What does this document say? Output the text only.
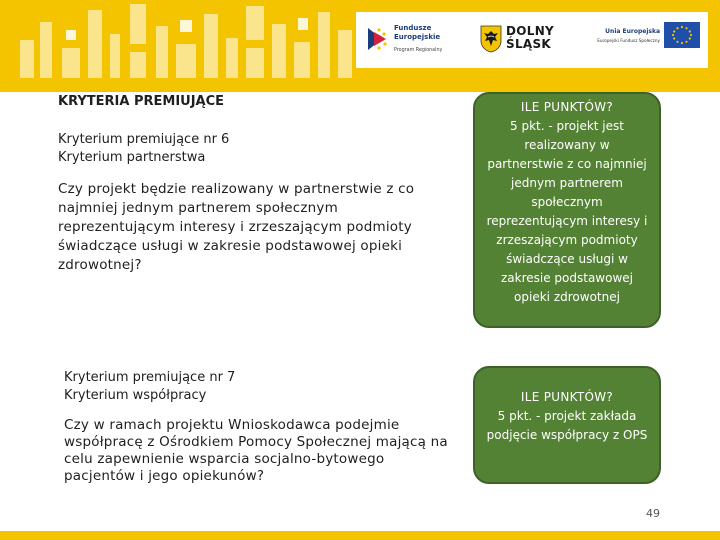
Fundusze
Europejskie
Program Regionalny
DOLNY
ŚLĄSK
Unia Europejska
Europejski Fundusz Społeczny
KRYTERIA PREMIUJĄCE
Kryterium premiujące nr 6
Kryterium partnerstwa
Czy projekt będzie realizowany w partnerstwie z co najmniej jednym partnerem społecznym reprezentującym interesy i zrzeszającym podmioty świadczące usługi w zakresie podstawowej opieki zdrowotnej?
ILE PUNKTÓW?
5 pkt. - projekt jest realizowany w partnerstwie z co najmniej jednym partnerem społecznym reprezentującym interesy i zrzeszającym podmioty świadczące usługi w zakresie podstawowej opieki zdrowotnej
Kryterium premiujące nr 7
Kryterium współpracy
Czy w ramach projektu Wnioskodawca podejmie współpracę z Ośrodkiem Pomocy Społecznej mającą na celu zapewnienie wsparcia socjalno-bytowego pacjentów i jego opiekunów?
ILE PUNKTÓW?
5 pkt. - projekt zakłada podjęcie współpracy z OPS
49
